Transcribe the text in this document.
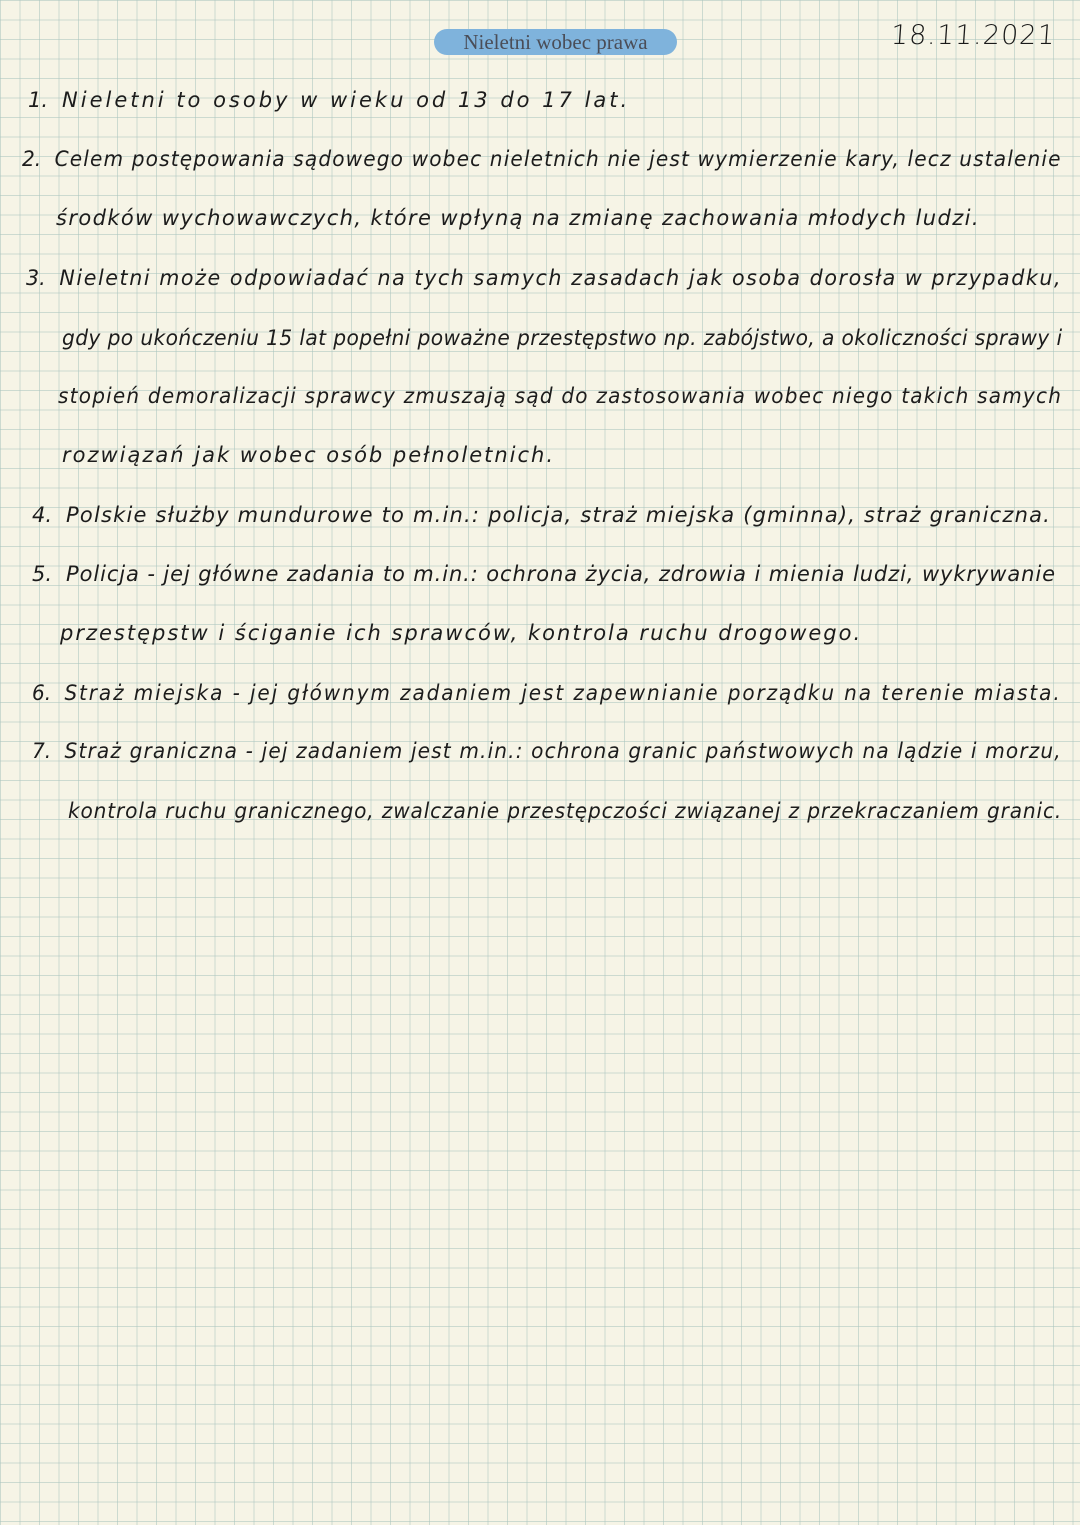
Nieletni wobec prawa	18.11.2021
1. Nieletni to osoby w wieku od 13 do 17 lat.
2. Celem postępowania sądowego wobec nieletnich nie jest wymierzenie kary, lecz ustalenie
środków wychowawczych, które wpłyną na zmianę zachowania młodych ludzi.
3. Nieletni może odpowiadać na tych samych zasadach jak osoba dorosła w przypadku,
gdy po ukończeniu 15 lat popełni poważne przestępstwo np. zabójstwo, a okoliczności sprawy i
stopień demoralizacji sprawcy zmuszają sąd do zastosowania wobec niego takich samych
rozwiązań jak wobec osób pełnoletnich.
4. Polskie służby mundurowe to m.in.: policja, straż miejska (gminna), straż graniczna.
5. Policja - jej główne zadania to m.in.: ochrona życia, zdrowia i mienia ludzi, wykrywanie
przestępstw i ściganie ich sprawców, kontrola ruchu drogowego.
6. Straż miejska - jej głównym zadaniem jest zapewnianie porządku na terenie miasta.
7. Straż graniczna - jej zadaniem jest m.in.: ochrona granic państwowych na lądzie i morzu,
kontrola ruchu granicznego, zwalczanie przestępczości związanej z przekraczaniem granic.
